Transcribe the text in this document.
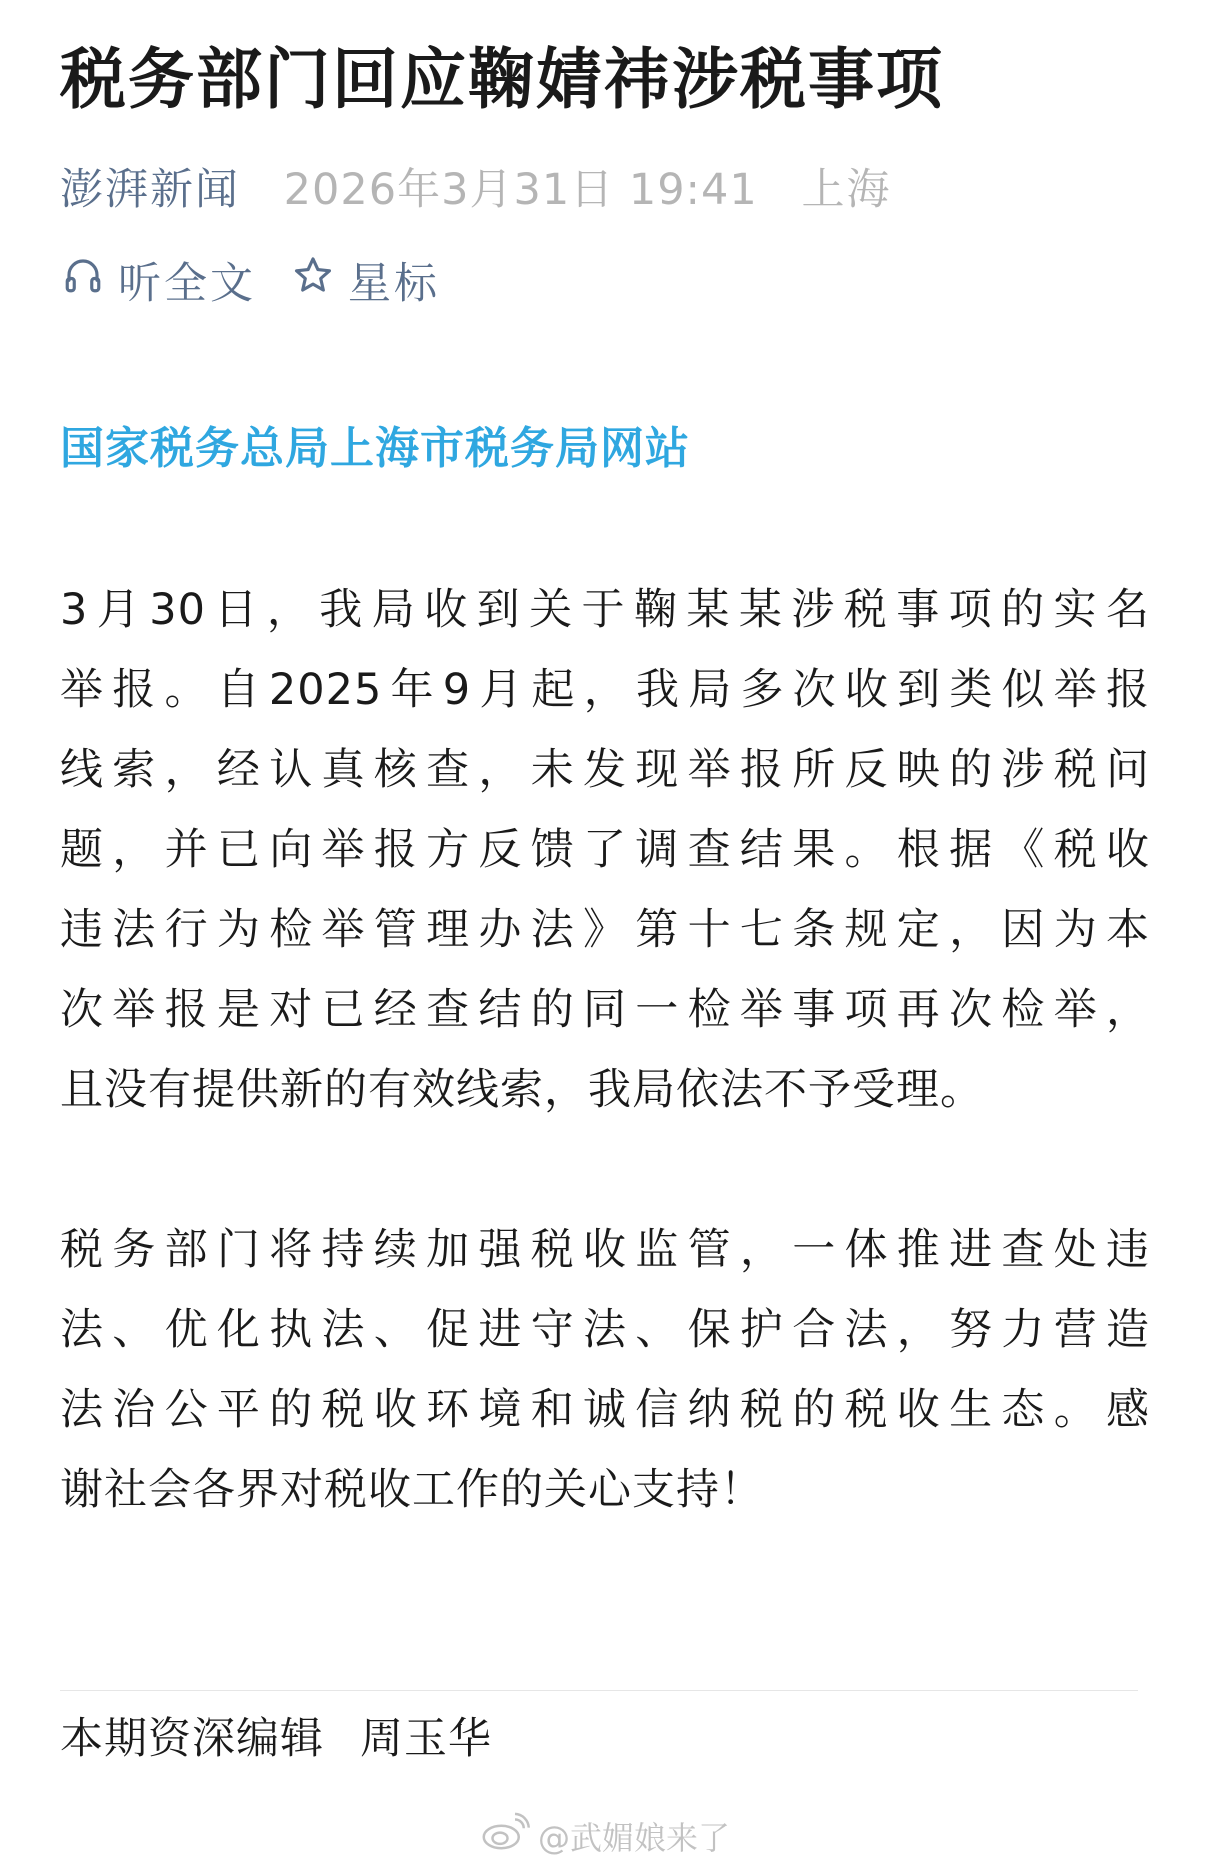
税务部门回应鞠婧祎涉税事项
澎湃新闻 2026年3月31日 19:41 上海
听全文 星标
国家税务总局上海市税务局网站
3月30日，我局收到关于鞠某某涉税事项的实名
举报。自2025年9月起，我局多次收到类似举报
线索，经认真核查，未发现举报所反映的涉税问
题，并已向举报方反馈了调查结果。根据《税收
违法行为检举管理办法》第十七条规定，因为本
次举报是对已经查结的同一检举事项再次检举，
且没有提供新的有效线索，我局依法不予受理。
税务部门将持续加强税收监管，一体推进查处违
法、优化执法、促进守法、保护合法，努力营造
法治公平的税收环境和诚信纳税的税收生态。感
谢社会各界对税收工作的关心支持！
本期资深编辑 周玉华
@武媚娘来了
